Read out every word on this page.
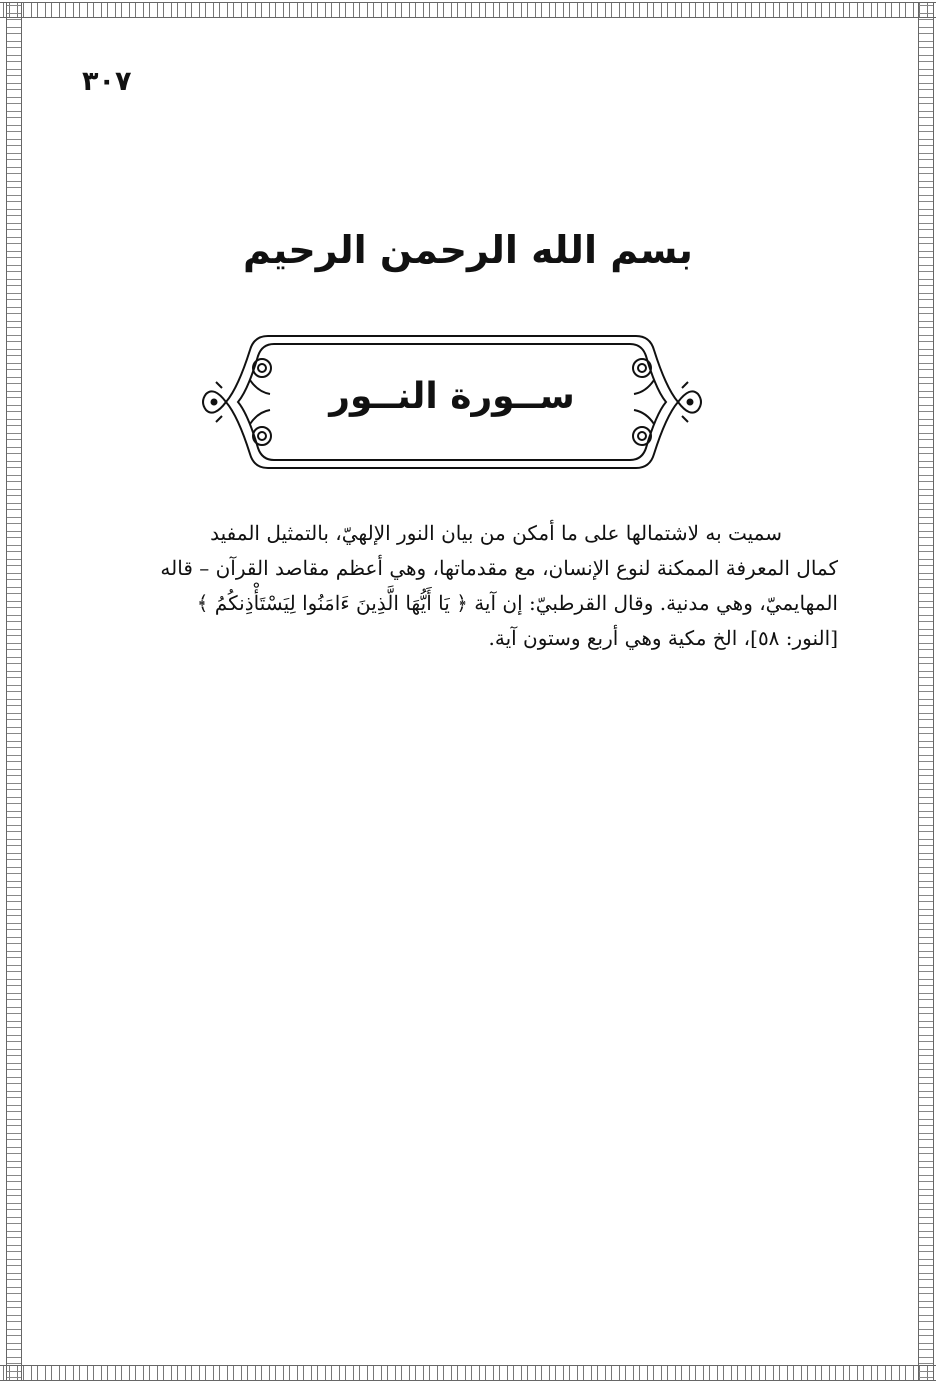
٣٠٧
بسم الله الرحمن الرحيم
ســورة النــور

سميت به لاشتمالها على ما أمكن من بيان النور الإلهيّ، بالتمثيل المفيد

كمال المعرفة الممكنة لنوع الإنسان، مع مقدماتها، وهي أعظم مقاصد القرآن – قاله

المهايميّ، وهي مدنية. وقال القرطبيّ: إن آية ﴿ يَا أَيُّهَا الَّذِينَ ءَامَنُوا لِيَسْتَأْذِنكُمُ ﴾

[النور: ٥٨]، الخ مكية وهي أربع وستون آية.
